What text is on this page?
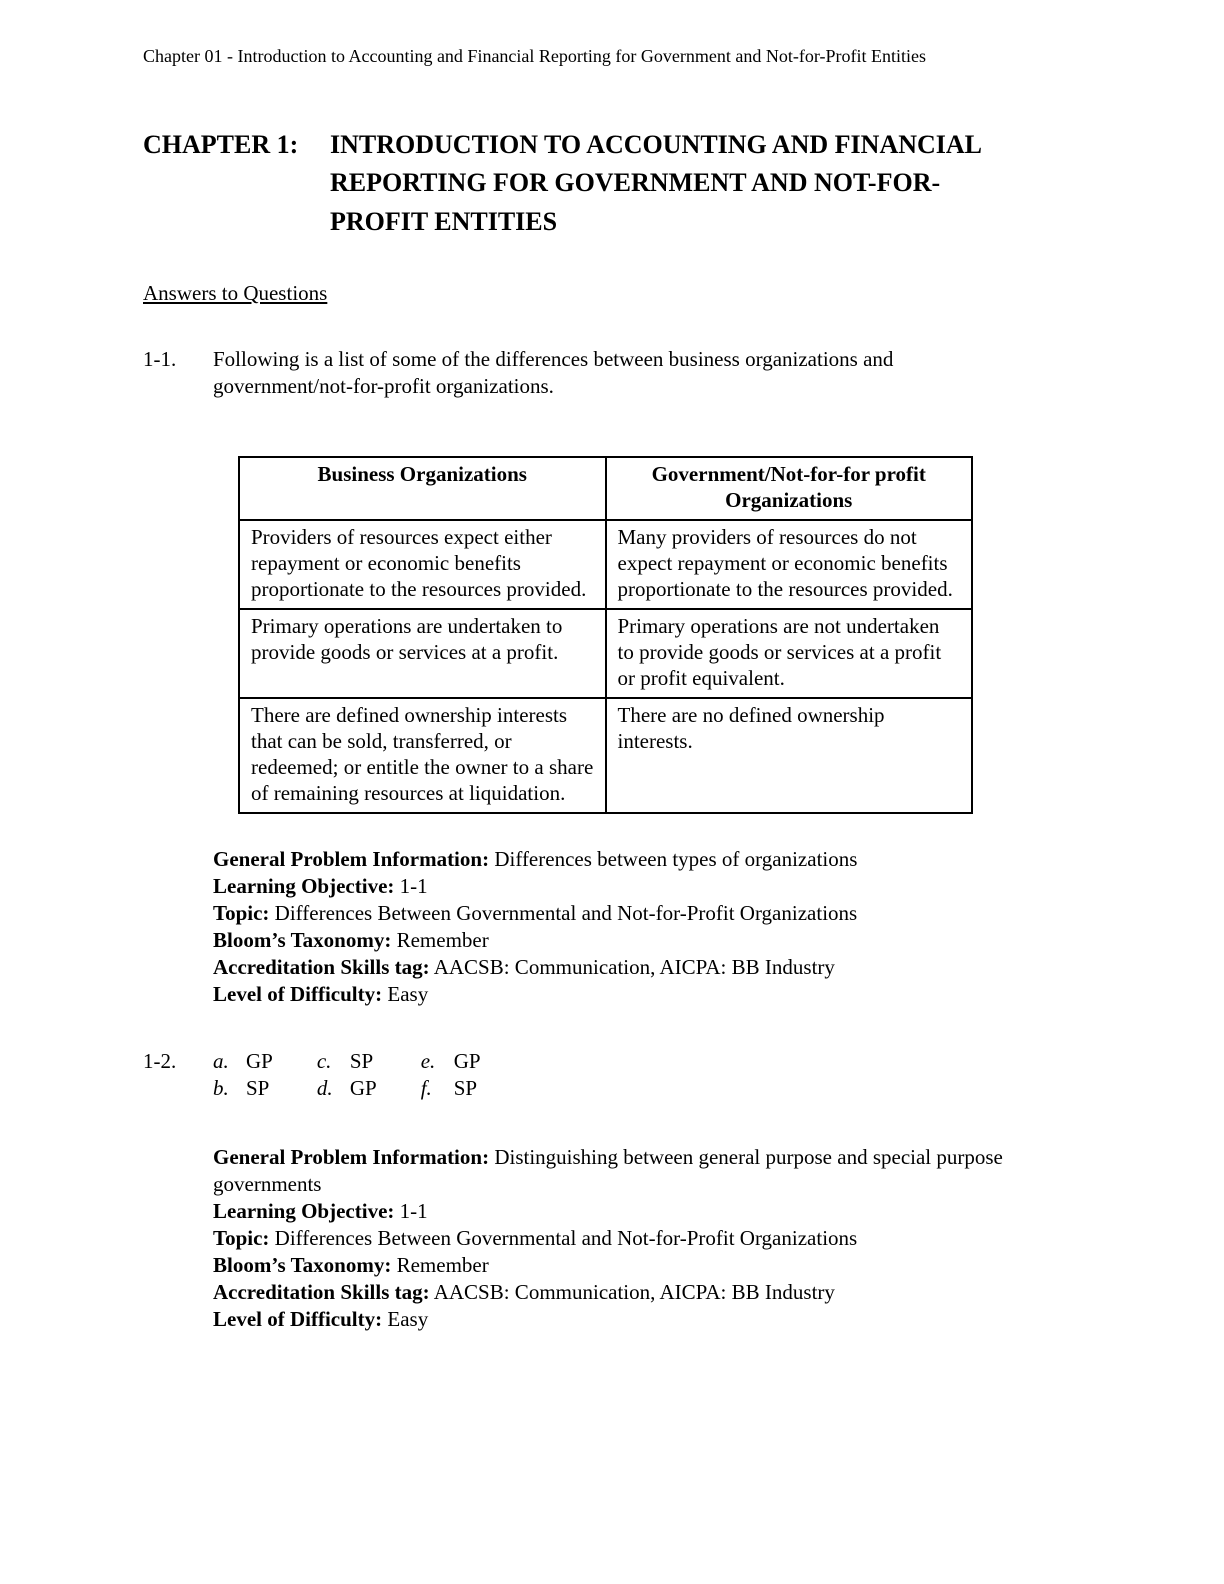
Chapter 01 - Introduction to Accounting and Financial Reporting for Government and Not-for-Profit Entities
CHAPTER 1:	INTRODUCTION TO ACCOUNTING AND FINANCIAL
REPORTING FOR GOVERNMENT AND NOT-FOR-
PROFIT ENTITIES
Answers to Questions
1-1.	Following is a list of some of the differences between business organizations and government/not-for-profit organizations.
Business Organizations	Government/Not-for-for profit Organizations
Providers of resources expect either repayment or economic benefits proportionate to the resources provided.	Many providers of resources do not expect repayment or economic benefits proportionate to the resources provided.
Primary operations are undertaken to provide goods or services at a profit.	Primary operations are not undertaken to provide goods or services at a profit or profit equivalent.
There are defined ownership interests that can be sold, transferred, or redeemed; or entitle the owner to a share of remaining resources at liquidation.	There are no defined ownership interests.
General Problem Information: Differences between types of organizations
Learning Objective: 1-1
Topic: Differences Between Governmental and Not-for-Profit Organizations
Bloom’s Taxonomy: Remember
Accreditation Skills tag: AACSB: Communication, AICPA: BB Industry
Level of Difficulty: Easy
1-2.	a. GP
b. SP
c. SP
d. GP
e. GP
f. SP
General Problem Information: Distinguishing between general purpose and special purpose governments
Learning Objective: 1-1
Topic: Differences Between Governmental and Not-for-Profit Organizations
Bloom’s Taxonomy: Remember
Accreditation Skills tag: AACSB: Communication, AICPA: BB Industry
Level of Difficulty: Easy
